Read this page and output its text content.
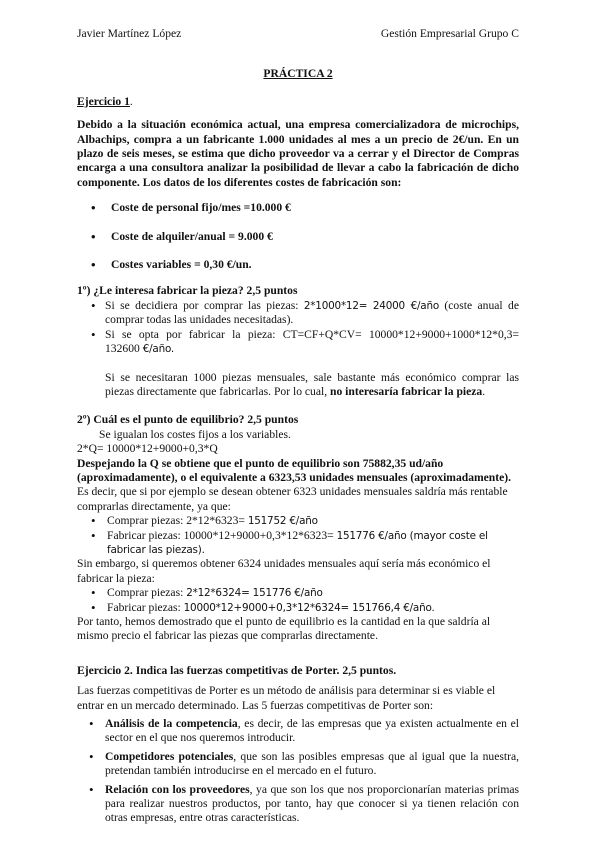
Javier Martínez López	Gestión Empresarial Grupo C
PRÁCTICA 2
Ejercicio 1.
Debido a la situación económica actual, una empresa comercializadora de microchips, Albachips, compra a un fabricante 1.000 unidades al mes a un precio de 2€/un. En un plazo de seis meses, se estima que dicho proveedor va a cerrar y el Director de Compras encarga a una consultora analizar la posibilidad de llevar a cabo la fabricación de dicho componente. Los datos de los diferentes costes de fabricación son:
• Coste de personal fijo/mes =10.000 €
• Coste de alquiler/anual = 9.000 €
• Costes variables = 0,30 €/un.
1º) ¿Le interesa fabricar la pieza? 2,5 puntos
• Si se decidiera por comprar las piezas: 2*1000*12= 24000 €/año (coste anual de comprar todas las unidades necesitadas).
• Si se opta por fabricar la pieza: CT=CF+Q*CV= 10000*12+9000+1000*12*0,3= 132600 €/año.
Si se necesitaran 1000 piezas mensuales, sale bastante más económico comprar las piezas directamente que fabricarlas. Por lo cual, no interesaría fabricar la pieza.
2º) Cuál es el punto de equilibrio? 2,5 puntos
Se igualan los costes fijos a los variables.
2*Q= 10000*12+9000+0,3*Q
Despejando la Q se obtiene que el punto de equilibrio son 75882,35 ud/año (aproximadamente), o el equivalente a 6323,53 unidades mensuales (aproximadamente).
Es decir, que si por ejemplo se desean obtener 6323 unidades mensuales saldría más rentable comprarlas directamente, ya que:
• Comprar piezas: 2*12*6323= 151752 €/año
• Fabricar piezas: 10000*12+9000+0,3*12*6323= 151776 €/año (mayor coste el fabricar las piezas).
Sin embargo, si queremos obtener 6324 unidades mensuales aquí sería más económico el fabricar la pieza:
• Comprar piezas: 2*12*6324= 151776 €/año
• Fabricar piezas: 10000*12+9000+0,3*12*6324= 151766,4 €/año.
Por tanto, hemos demostrado que el punto de equilibrio es la cantidad en la que saldría al mismo precio el fabricar las piezas que comprarlas directamente.
Ejercicio 2. Indica las fuerzas competitivas de Porter. 2,5 puntos.
Las fuerzas competitivas de Porter es un método de análisis para determinar si es viable el entrar en un mercado determinado. Las 5 fuerzas competitivas de Porter son:
• Análisis de la competencia, es decir, de las empresas que ya existen actualmente en el sector en el que nos queremos introducir.
• Competidores potenciales, que son las posibles empresas que al igual que la nuestra, pretendan también introducirse en el mercado en el futuro.
• Relación con los proveedores, ya que son los que nos proporcionarían materias primas para realizar nuestros productos, por tanto, hay que conocer si ya tienen relación con otras empresas, entre otras características.
